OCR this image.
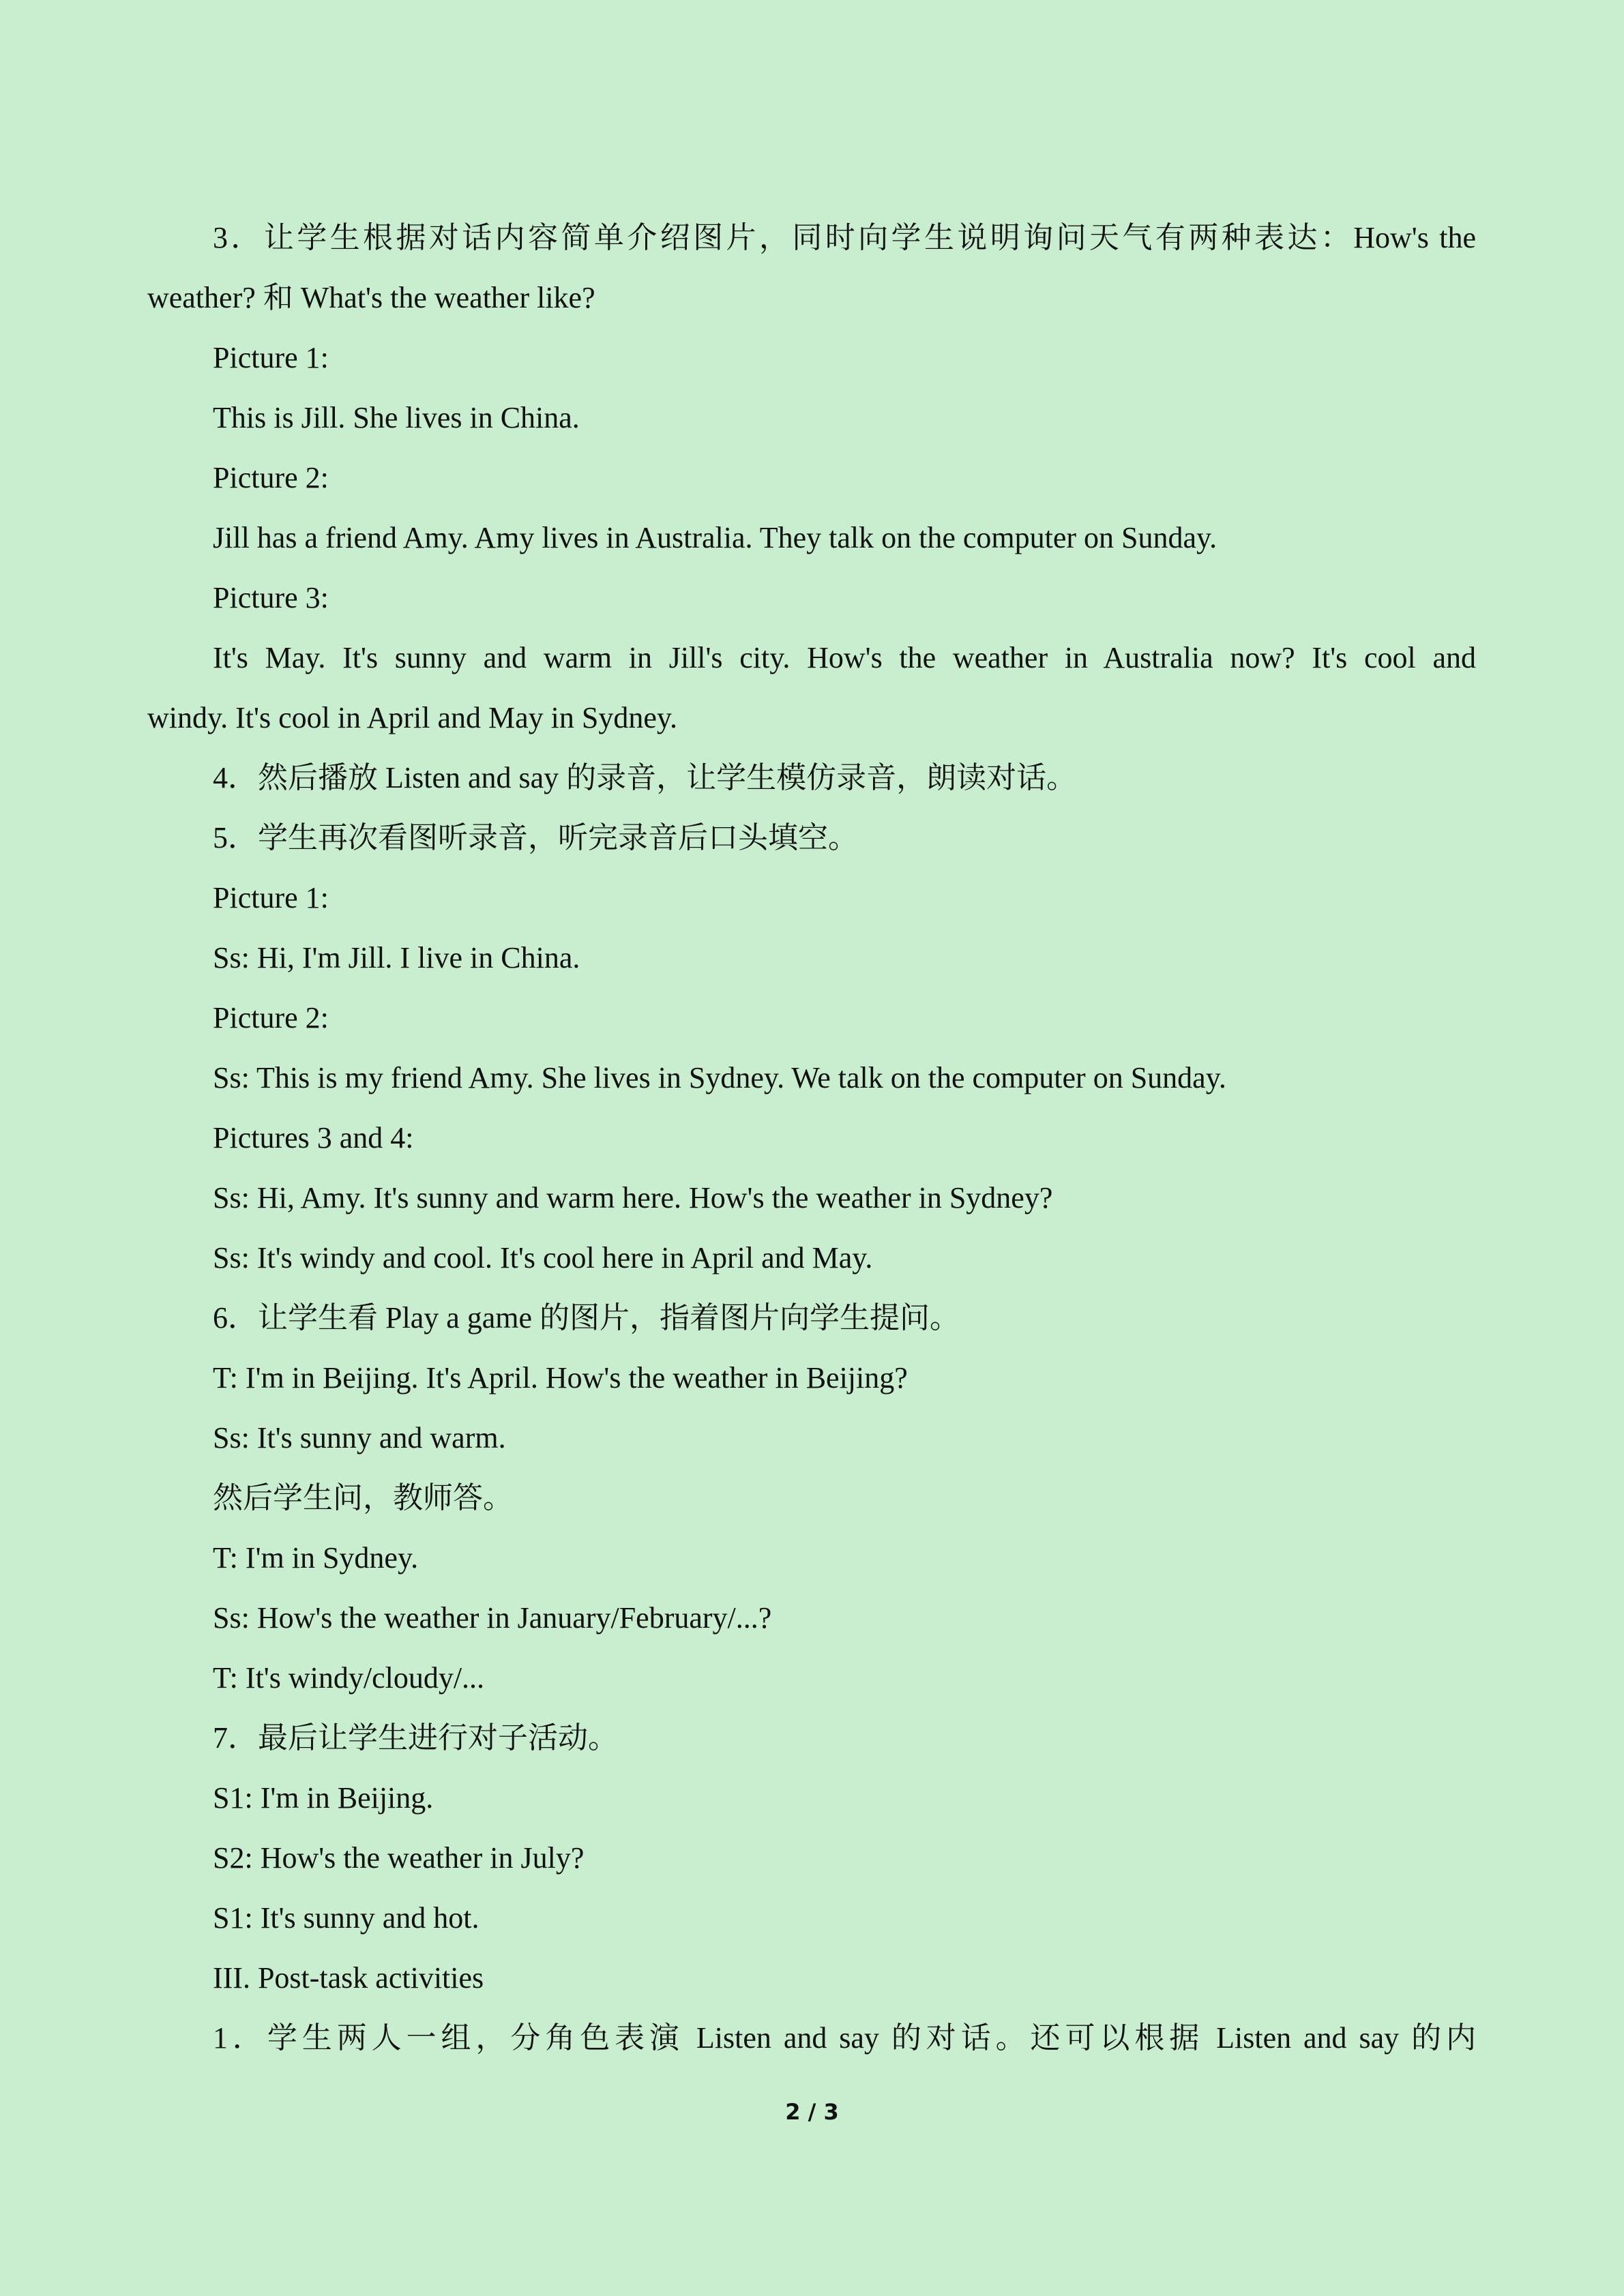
3．让学生根据对话内容简单介绍图片，同时向学生说明询问天气有两种表达：How's the
weather? 和 What's the weather like?
Picture 1:
This is Jill. She lives in China.
Picture 2:
Jill has a friend Amy. Amy lives in Australia. They talk on the computer on Sunday.
Picture 3:
It's May. It's sunny and warm in Jill's city. How's the weather in Australia now? It's cool and
windy. It's cool in April and May in Sydney.
4．然后播放 Listen and say 的录音，让学生模仿录音，朗读对话。
5．学生再次看图听录音，听完录音后口头填空。
Picture 1:
Ss: Hi, I'm Jill. I live in China.
Picture 2:
Ss: This is my friend Amy. She lives in Sydney. We talk on the computer on Sunday.
Pictures 3 and 4:
Ss: Hi, Amy. It's sunny and warm here. How's the weather in Sydney?
Ss: It's windy and cool. It's cool here in April and May.
6．让学生看 Play a game 的图片，指着图片向学生提问。
T: I'm in Beijing. It's April. How's the weather in Beijing?
Ss: It's sunny and warm.
然后学生问，教师答。
T: I'm in Sydney.
Ss: How's the weather in January/February/...?
T: It's windy/cloudy/...
7．最后让学生进行对子活动。
S1: I'm in Beijing.
S2: How's the weather in July?
S1: It's sunny and hot.
III. Post-task activities
1．学生两人一组，分角色表演 Listen and say 的对话。还可以根据 Listen and say 的内
2 / 3
